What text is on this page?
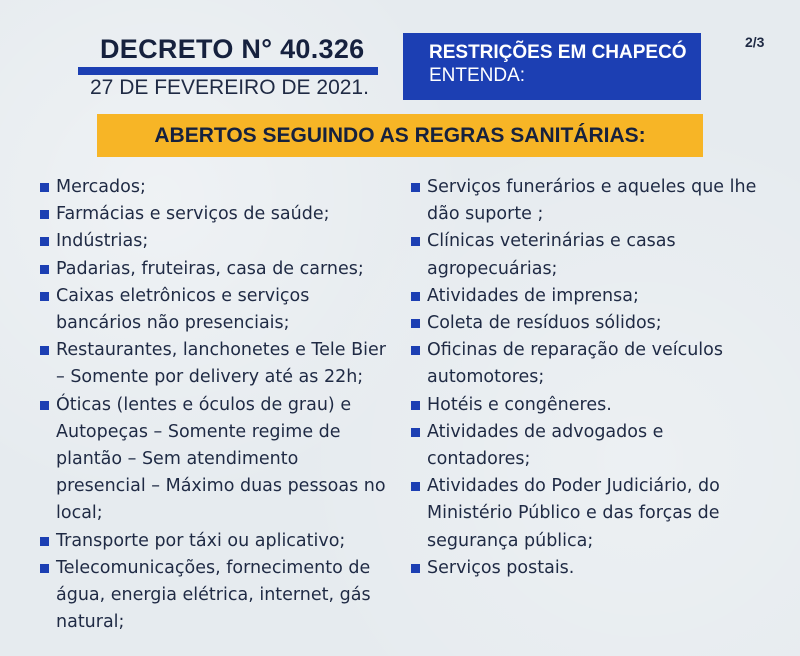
DECRETO N° 40.326
27 DE FEVEREIRO DE 2021.
RESTRIÇÕES EM CHAPECÓ
ENTENDA:
2/3
ABERTOS SEGUINDO AS REGRAS SANITÁRIAS:
Mercados;
Farmácias e serviços de saúde;
Indústrias;
Padarias, fruteiras, casa de carnes;
Caixas eletrônicos e serviços
bancários não presenciais;
Restaurantes, lanchonetes e Tele Bier
– Somente por delivery até as 22h;
Óticas (lentes e óculos de grau) e
Autopeças – Somente regime de
plantão – Sem atendimento
presencial – Máximo duas pessoas no
local;
Transporte por táxi ou aplicativo;
Telecomunicações, fornecimento de
água, energia elétrica, internet, gás
natural;
Serviços funerários e aqueles que lhe
dão suporte ;
Clínicas veterinárias e casas
agropecuárias;
Atividades de imprensa;
Coleta de resíduos sólidos;
Oficinas de reparação de veículos
automotores;
Hotéis e congêneres.
Atividades de advogados e
contadores;
Atividades do Poder Judiciário, do
Ministério Público e das forças de
segurança pública;
Serviços postais.
